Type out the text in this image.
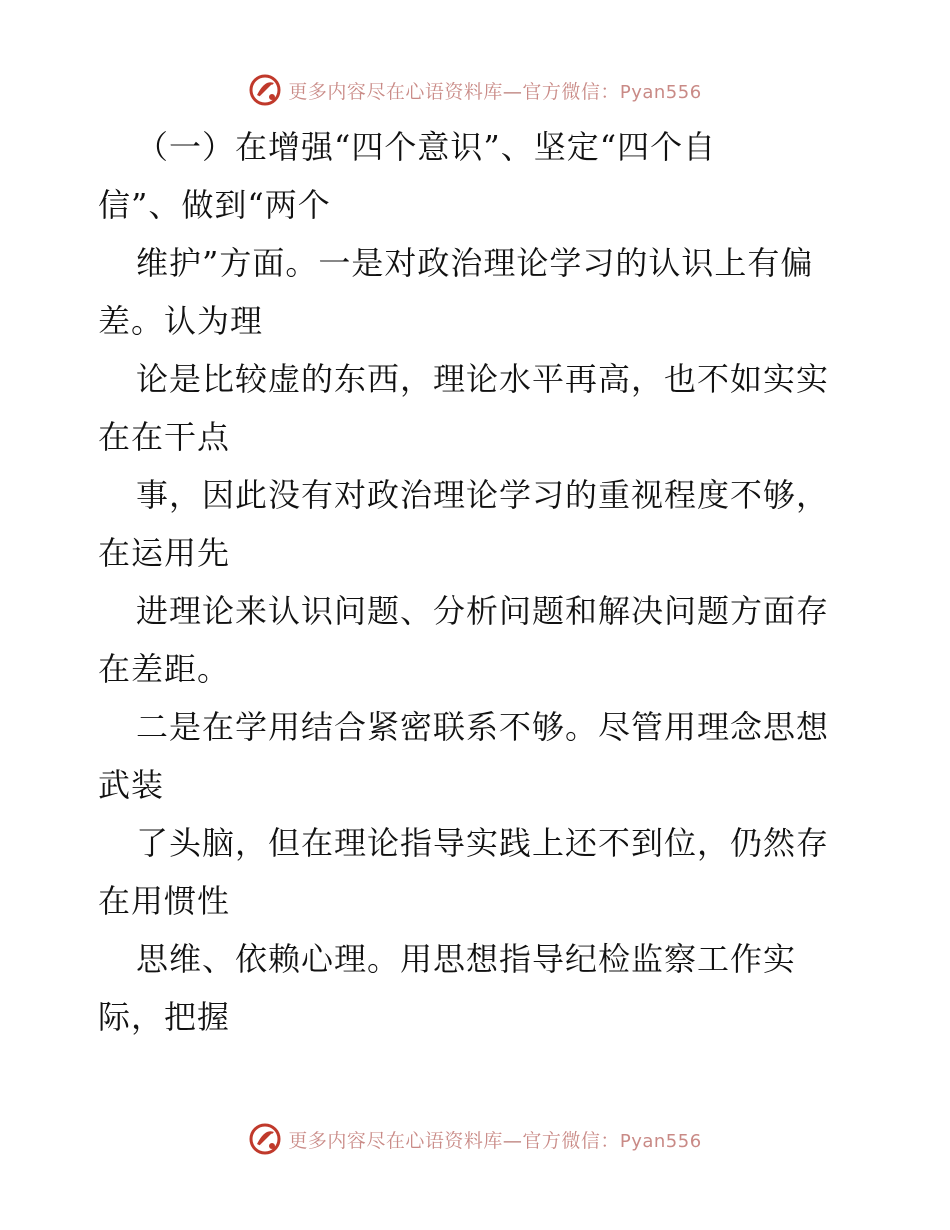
更多内容尽在心语资料库—官方微信：Pyan556
（一）在增强“四个意识”、坚定“四个自
信”、做到“两个
维护”方面。一是对政治理论学习的认识上有偏
差。认为理
论是比较虚的东西，理论水平再高，也不如实实
在在干点
事，因此没有对政治理论学习的重视程度不够，
在运用先
进理论来认识问题、分析问题和解决问题方面存
在差距。
二是在学用结合紧密联系不够。尽管用理念思想
武装
了头脑，但在理论指导实践上还不到位，仍然存
在用惯性
思维、依赖心理。用思想指导纪检监察工作实
际，把握
更多内容尽在心语资料库—官方微信：Pyan556
